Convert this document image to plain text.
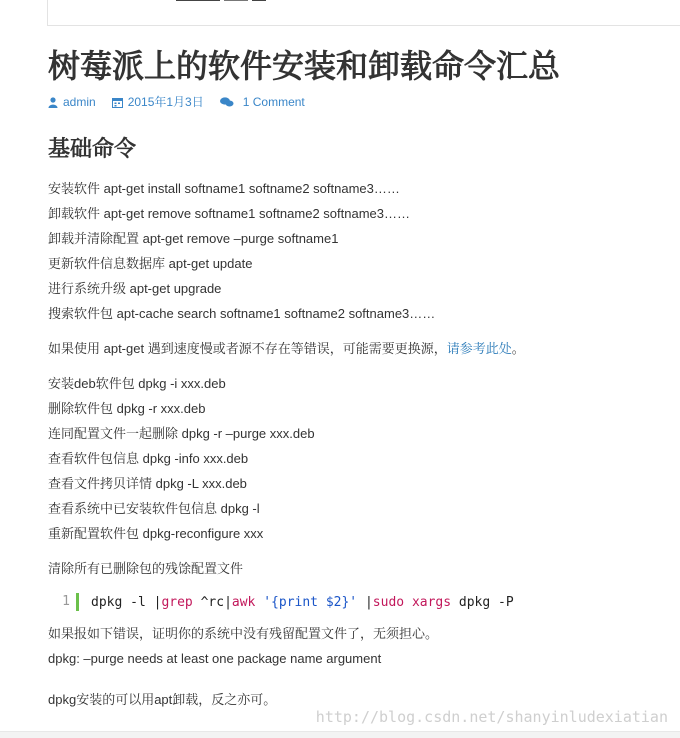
树莓派上的软件安装和卸载命令汇总
admin	2015年1月3日	1 Comment
基础命令
安装软件 apt-get install softname1 softname2 softname3……
卸载软件 apt-get remove softname1 softname2 softname3……
卸载并清除配置 apt-get remove –purge softname1
更新软件信息数据库 apt-get update
进行系统升级 apt-get upgrade
搜索软件包 apt-cache search softname1 softname2 softname3……
如果使用 apt-get 遇到速度慢或者源不存在等错误，可能需要更换源，请参考此处。
安装deb软件包 dpkg -i xxx.deb
删除软件包 dpkg -r xxx.deb
连同配置文件一起删除 dpkg -r –purge xxx.deb
查看软件包信息 dpkg -info xxx.deb
查看文件拷贝详情 dpkg -L xxx.deb
查看系统中已安装软件包信息 dpkg -l
重新配置软件包 dpkg-reconfigure xxx
清除所有已删除包的残馀配置文件
1	dpkg -l |grep ^rc|awk '{print $2}' |sudo xargs dpkg -P
如果报如下错误，证明你的系统中没有残留配置文件了，无须担心。
dpkg: –purge needs at least one package name argument
dpkg安装的可以用apt卸载，反之亦可。
http://blog.csdn.net/shanyinludexiatian
